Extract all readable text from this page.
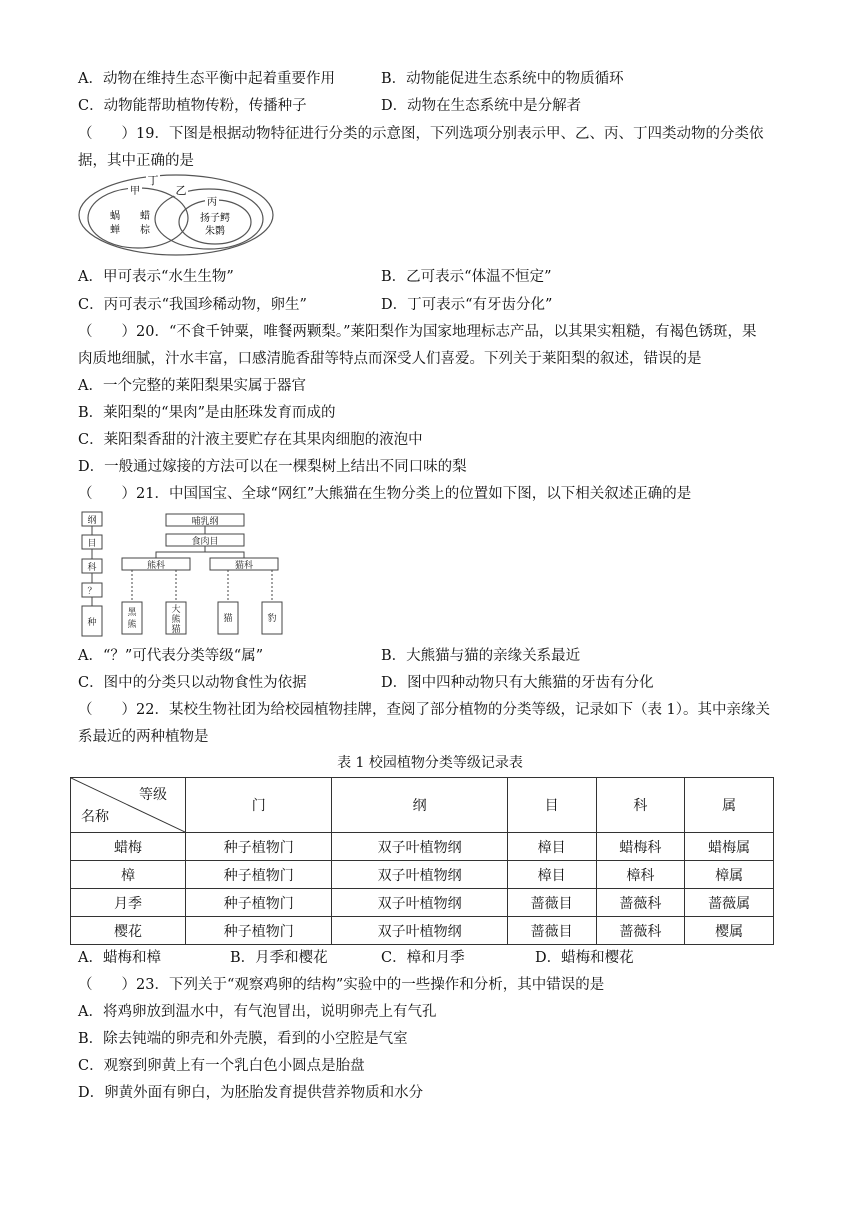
A．动物在维持生态平衡中起着重要作用	B．动物能促进生态系统中的物质循环
C．动物能帮助植物传粉，传播种子	D．动物在生态系统中是分解者
（　　）19．下图是根据动物特征进行分类的示意图，下列选项分别表示甲、乙、丙、丁四类动物的分类依
据，其中正确的是
丁
乙
甲
丙
蜗
蝉
蜡
棕
扬子鳄
朱鹮
A．甲可表示“水生生物”	B．乙可表示“体温不恒定”
C．丙可表示“我国珍稀动物，卵生”	D．丁可表示“有牙齿分化”
（　　）20．“不食千钟粟，唯餐两颗梨。”莱阳梨作为国家地理标志产品，以其果实粗糙，有褐色锈斑，果
肉质地细腻，汁水丰富，口感清脆香甜等特点而深受人们喜爱。下列关于莱阳梨的叙述，错误的是
A．一个完整的莱阳梨果实属于器官
B．莱阳梨的“果肉”是由胚珠发育而成的
C．莱阳梨香甜的汁液主要贮存在其果肉细胞的液泡中
D．一般通过嫁接的方法可以在一棵梨树上结出不同口味的梨
（　　）21．中国国宝、全球“网红”大熊猫在生物分类上的位置如下图，以下相关叙述正确的是
纲
目
科
？
种
哺乳纲
食肉目
熊科	猫科
黑
熊
大
熊
猫
猫	豹
A．“？”可代表分类等级“属”	B．大熊猫与猫的亲缘关系最近
C．图中的分类只以动物食性为依据	D．图中四种动物只有大熊猫的牙齿有分化
（　　）22．某校生物社团为给校园植物挂牌，查阅了部分植物的分类等级，记录如下（表 1）。其中亲缘关
系最近的两种植物是
表 1 校园植物分类等级记录表
等级
名称	门	纲	目	科	属
蜡梅	种子植物门	双子叶植物纲	樟目	蜡梅科	蜡梅属
樟	种子植物门	双子叶植物纲	樟目	樟科	樟属
月季	种子植物门	双子叶植物纲	蔷薇目	蔷薇科	蔷薇属
樱花	种子植物门	双子叶植物纲	蔷薇目	蔷薇科	樱属
A．蜡梅和樟	B．月季和樱花	C．樟和月季	D．蜡梅和樱花
（　　）23．下列关于“观察鸡卵的结构”实验中的一些操作和分析，其中错误的是
A．将鸡卵放到温水中，有气泡冒出，说明卵壳上有气孔
B．除去钝端的卵壳和外壳膜，看到的小空腔是气室
C．观察到卵黄上有一个乳白色小圆点是胎盘
D．卵黄外面有卵白，为胚胎发育提供营养物质和水分
